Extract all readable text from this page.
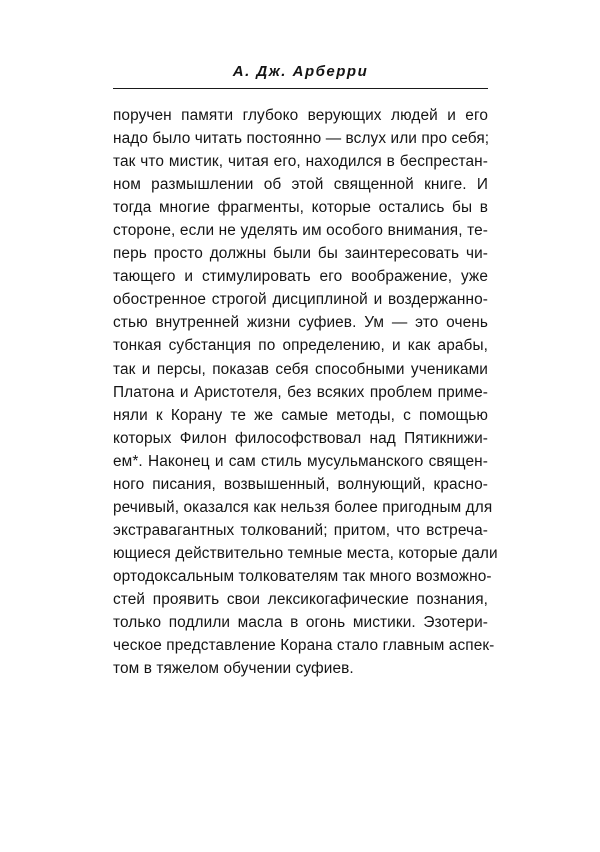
А. Дж. Арберри
поручен памяти глубоко верующих людей и его
надо было читать постоянно — вслух или про себя;
так что мистик, читая его, находился в беспрестан-
ном размышлении об этой священной книге. И
тогда многие фрагменты, которые остались бы в
стороне, если не уделять им особого внимания, те-
перь просто должны были бы заинтересовать чи-
тающего и стимулировать его воображение, уже
обостренное строгой дисциплиной и воздержанно-
стью внутренней жизни суфиев. Ум — это очень
тонкая субстанция по определению, и как арабы,
так и персы, показав себя способными учениками
Платона и Аристотеля, без всяких проблем приме-
няли к Корану те же самые методы, с помощью
которых Филон философствовал над Пятикнижи-
ем*. Наконец и сам стиль мусульманского священ-
ного писания, возвышенный, волнующий, красно-
речивый, оказался как нельзя более пригодным для
экстравагантных толкований; притом, что встреча-
ющиеся действительно темные места, которые дали
ортодоксальным толкователям так много возможно-
стей проявить свои лексикогафические познания,
только подлили масла в огонь мистики. Эзотери-
ческое представление Корана стало главным аспек-
том в тяжелом обучении суфиев.
